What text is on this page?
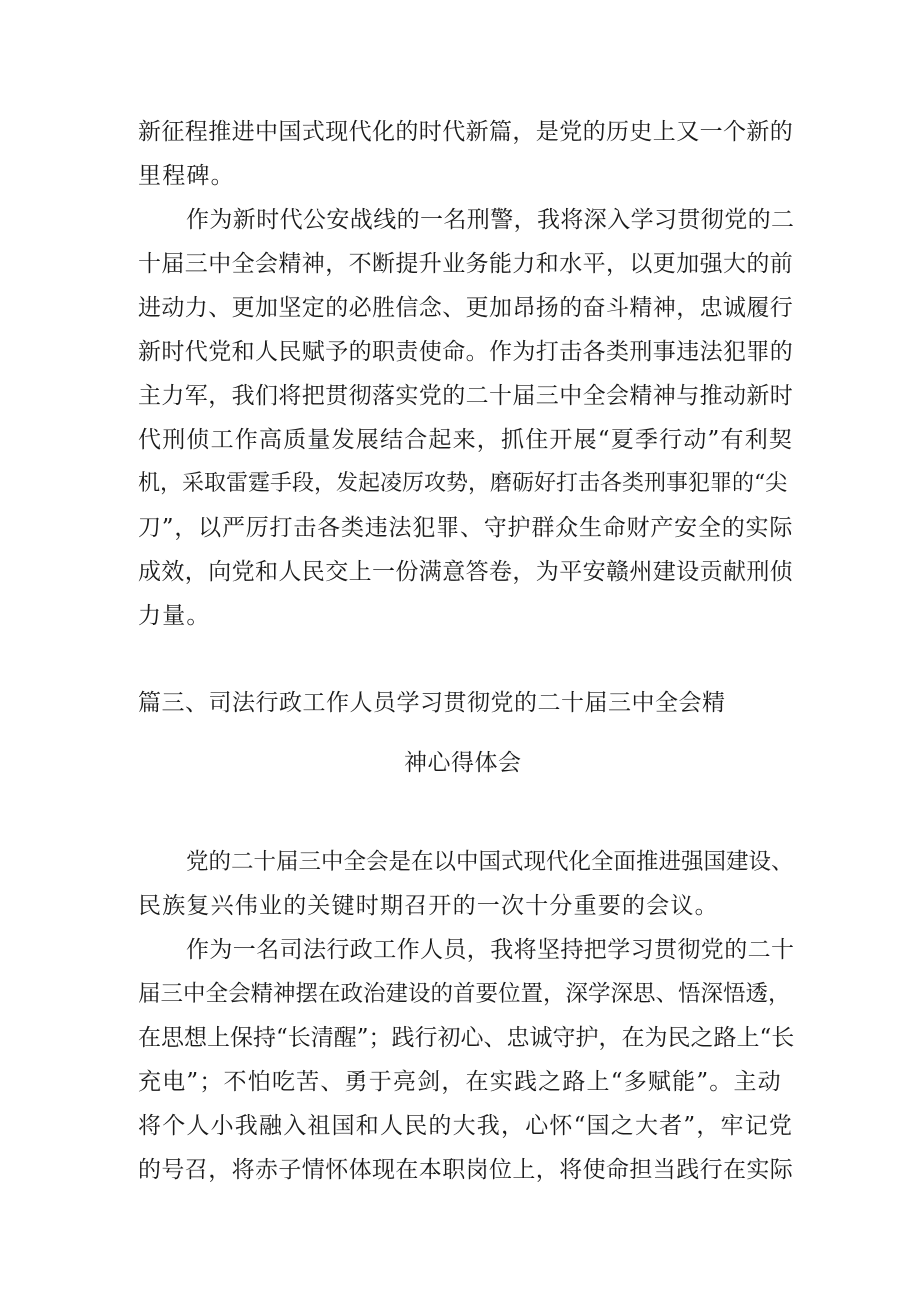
新征程推进中国式现代化的时代新篇，是党的历史上又一个新的
里程碑。
作为新时代公安战线的一名刑警，我将深入学习贯彻党的二
十届三中全会精神，不断提升业务能力和水平，以更加强大的前
进动力、更加坚定的必胜信念、更加昂扬的奋斗精神，忠诚履行
新时代党和人民赋予的职责使命。作为打击各类刑事违法犯罪的
主力军，我们将把贯彻落实党的二十届三中全会精神与推动新时
代刑侦工作高质量发展结合起来，抓住开展“夏季行动”有利契
机，采取雷霆手段，发起凌厉攻势，磨砺好打击各类刑事犯罪的“尖
刀”，以严厉打击各类违法犯罪、守护群众生命财产安全的实际
成效，向党和人民交上一份满意答卷，为平安赣州建设贡献刑侦
力量。
篇三、司法行政工作人员学习贯彻党的二十届三中全会精
神心得体会
党的二十届三中全会是在以中国式现代化全面推进强国建设、
民族复兴伟业的关键时期召开的一次十分重要的会议。
作为一名司法行政工作人员，我将坚持把学习贯彻党的二十
届三中全会精神摆在政治建设的首要位置，深学深思、悟深悟透，
在思想上保持“长清醒”；践行初心、忠诚守护，在为民之路上“长
充电”；不怕吃苦、勇于亮剑，在实践之路上“多赋能”。主动
将个人小我融入祖国和人民的大我，心怀“国之大者”，牢记党
的号召，将赤子情怀体现在本职岗位上，将使命担当践行在实际
